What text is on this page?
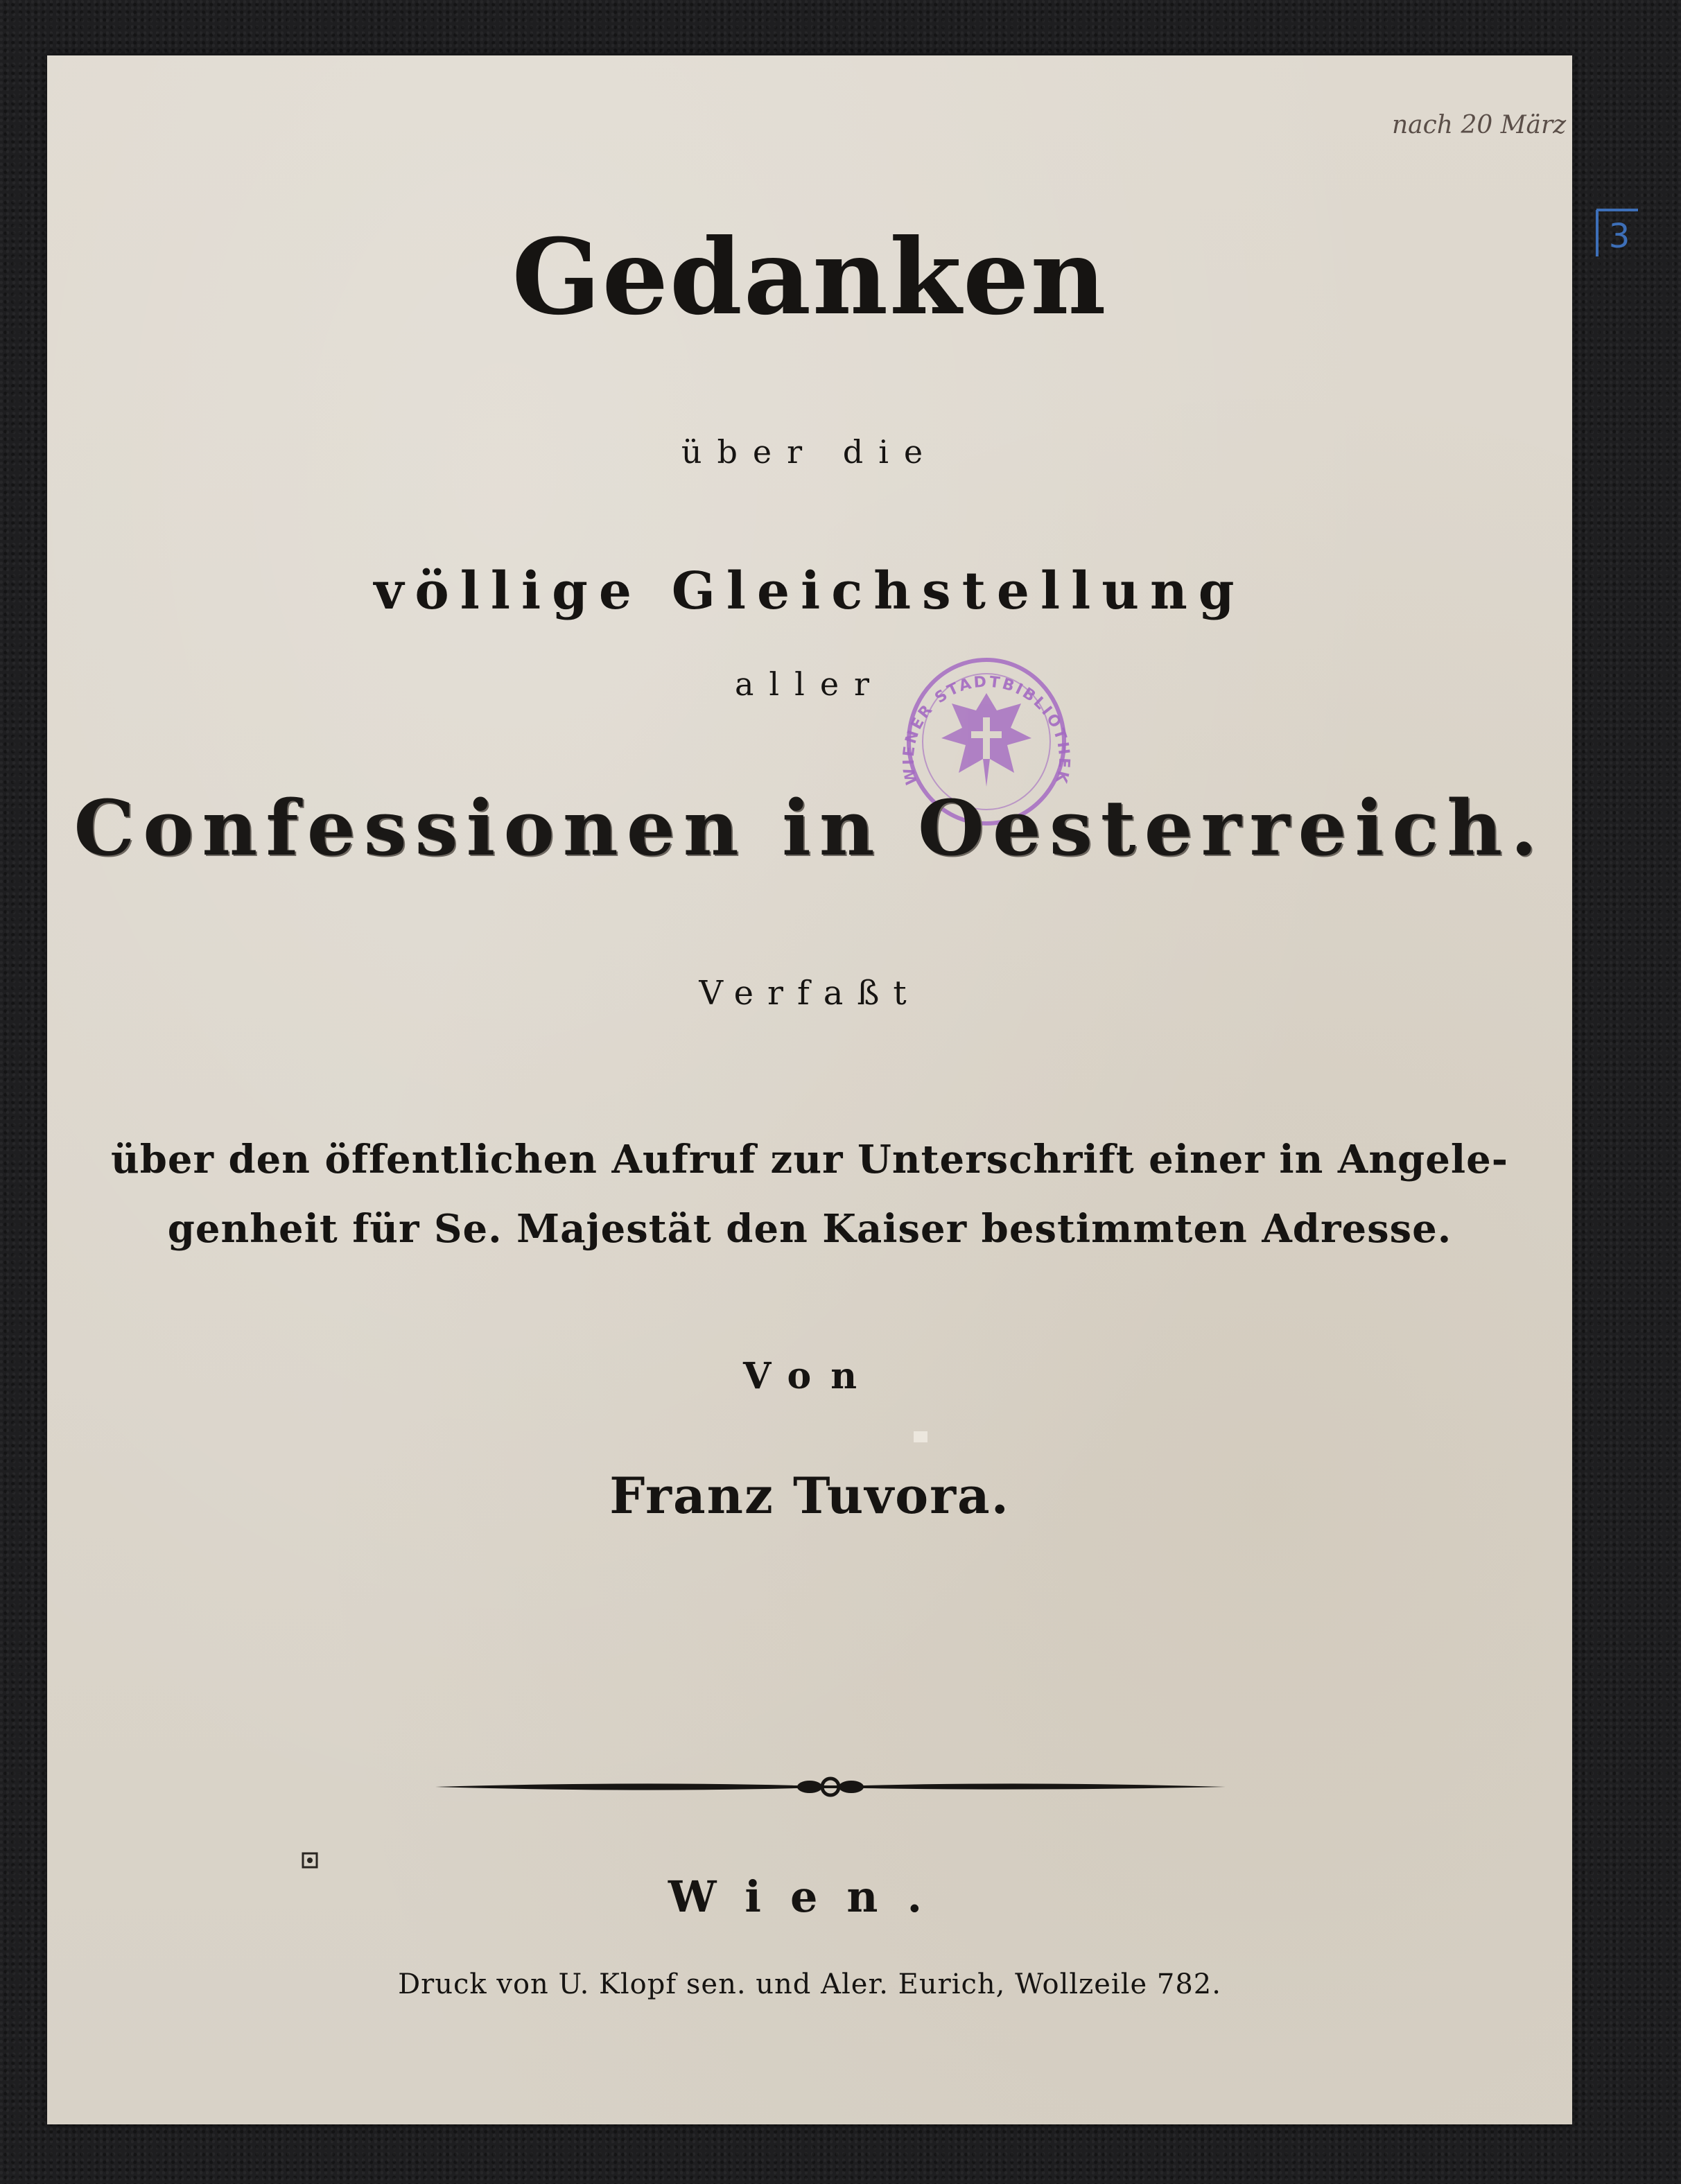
nach 20 März
3
Gedanken
über die
völlige Gleichstellung
aller
WIENER STADTBIBLIOTHEK
Confessionen in Oesterreich.
Verfaßt
über den öffentlichen Aufruf zur Unterschrift einer in Angele-
genheit für Se. Majestät den Kaiser bestimmten Adresse.
Von
Franz Tuvora.
Wien.
Druck von U. Klopf sen. und Aler. Eurich, Wollzeile 782.
